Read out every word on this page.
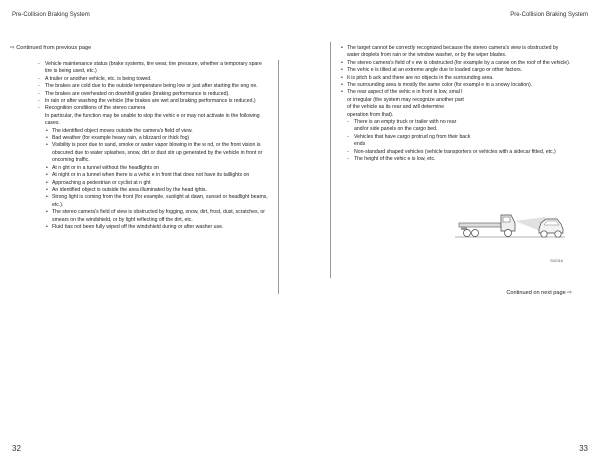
Pre-Collision Braking System
⇨ Continued from previous page
- Vehicle maintenance status (brake systems, tire wear, tire pressure, whether a temporary spare tire is being used, etc.)
- A trailer or another vehicle, etc. is being towed.
- The brakes are cold due to the outside temperature being low or just after starting the eng ne.
- The brakes are overheated on downhill grades (braking performance is reduced).
- In rain or after washing the vehicle (the brakes are wet and braking performance is reduced.)
- Recognition conditions of the stereo camera
In particular, the function may be unable to stop the vehic e or may not activate in the following cases.
• The identified object moves outside the camera's field of view.
• Bad weather (for example heavy rain, a blizzard or thick fog)
• Visibility is poor due to sand, smoke or water vapor blowing in the w nd, or the front vision is obscured due to water splashes, snow, dirt or dust stir up generated by the vehicle in front or oncoming traffic.
• At n ght or in a tunnel without the headlights on
• At night or in a tunnel when there is a vehic e in front that does not have its taillights on
• Approaching a pedestrian or cyclist at n ght
• An identified object is outside the area illuminated by the head ights.
• Strong light is coming from the front (for example, sunlight at dawn, sunset or headlight beams, etc.).
• The stereo camera's field of view is obstructed by fogging, snow, dirt, frost, dust, scratches, or smears on the windshield, or by light reflecting off the dirt, etc.
• Fluid has not been fully wiped off the windshield during or after washer use.
32
Pre-Collision Braking System
• The target cannot be correctly recognized because the stereo camera's view is obstructed by water droplets from rain or the window washer, or by the wiper blades.
• The stereo camera's field of v ew is obstructed (for example by a canoe on the roof of the vehicle).
• The vehic e is tilted at an extreme angle due to loaded cargo or other factors.
• It is pitch b ack and there are no objects in the surrounding area.
• The surrounding area is mostly the same color (for exampl e in a snowy location).
• The rear aspect of the vehic e in front is low, smal l or irregular (the system may recognize another part of the vehicle as its rear and will determine operation from that).
- There is an empty truck or trailer with no rear and/or side panels on the cargo bed.
- Vehicles that have cargo protrud ng from their back ends
- Non-standard shaped vehicles (vehicle transporters or vehicles with a sidecar fitted, etc.)
- The height of the vehic e is low, etc.
S02116
Continued on next page ⇨
33
